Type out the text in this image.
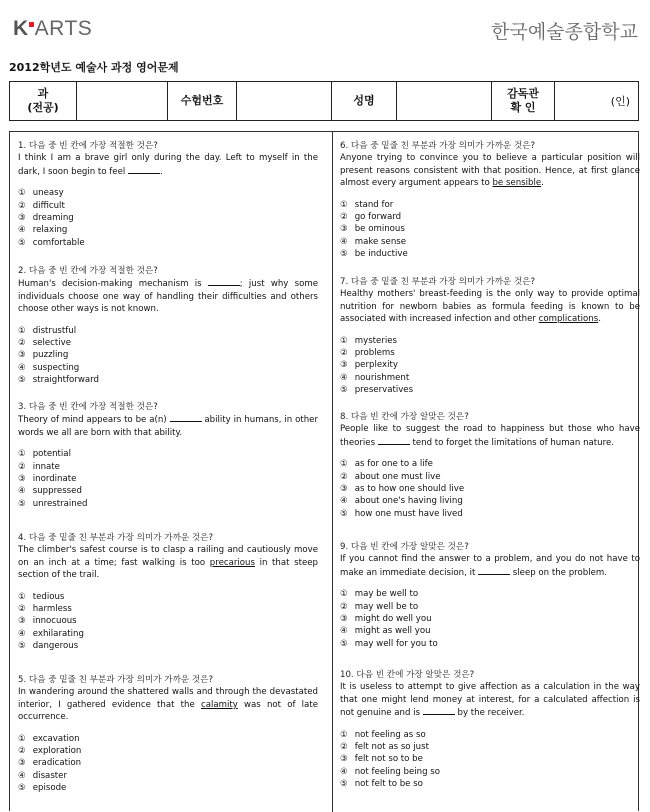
K ARTS	한국예술종합학교
2012학년도 예술사 과정 영어문제
과
(전공)		수험번호		성명		감독관
확 인	(인)

1. 다음 중 빈 칸에 가장 적절한 것은?

I think I am a brave girl only during the day. Left to myself in the dark, I soon begin to feel	.

① uneasy
② difficult
③ dreaming
④ relaxing
⑤ comfortable

2. 다음 중 빈 칸에 가장 적절한 것은?

Human's decision-making mechanism is	; just why some individuals choose one way of handling their difficulties and others choose other ways is not known.

① distrustful
② selective
③ puzzling
④ suspecting
⑤ straightforward

3. 다음 중 빈 칸에 가장 적절한 것은?

Theory of mind appears to be a(n)	ability in humans, in other words we all are born with that ability.

① potential
② innate
③ inordinate
④ suppressed
⑤ unrestrained

4. 다음 중 밑줄 친 부분과 가장 의미가 가까운 것은?

The climber's safest course is to clasp a railing and cautiously move on an inch at a time; fast walking is too precarious in that steep section of the trail.

① tedious
② harmless
③ innocuous
④ exhilarating
⑤ dangerous

5. 다음 중 밑줄 친 부분과 가장 의미가 가까운 것은?

In wandering around the shattered walls and through the devastated interior, I gathered evidence that the calamity was not of late occurrence.

① excavation
② exploration
③ eradication
④ disaster
⑤ episode

6. 다음 중 밑줄 친 부분과 가장 의미가 가까운 것은?

Anyone trying to convince you to believe a particular position will present reasons consistent with that position. Hence, at first glance almost every argument appears to be sensible.

① stand for
② go forward
③ be ominous
④ make sense
⑤ be inductive

7. 다음 중 밑줄 친 부분과 가장 의미가 가까운 것은?

Healthy mothers' breast-feeding is the only way to provide optimal nutrition for newborn babies as formula feeding is known to be associated with increased infection and other complications.

① mysteries
② problems
③ perplexity
④ nourishment
⑤ preservatives

8. 다음 빈 칸에 가장 알맞은 것은?

People like to suggest the road to happiness but those who have theories	tend to forget the limitations of human nature.

① as for one to a life
② about one must live
③ as to how one should live
④ about one's having living
⑤ how one must have lived

9. 다음 빈 칸에 가장 알맞은 것은?

If you cannot find the answer to a problem, and you do not have to make an immediate decision, it	sleep on the problem.

① may be well to
② may well be to
③ might do well you
④ might as well you
⑤ may well for you to

10. 다음 빈 칸에 가장 알맞은 것은?

It is useless to attempt to give affection as a calculation in the way that one might lend money at interest, for a calculated affection is not genuine and is	by the receiver.

① not feeling as so
② felt not as so just
③ felt not so to be
④ not feeling being so
⑤ not felt to be so
